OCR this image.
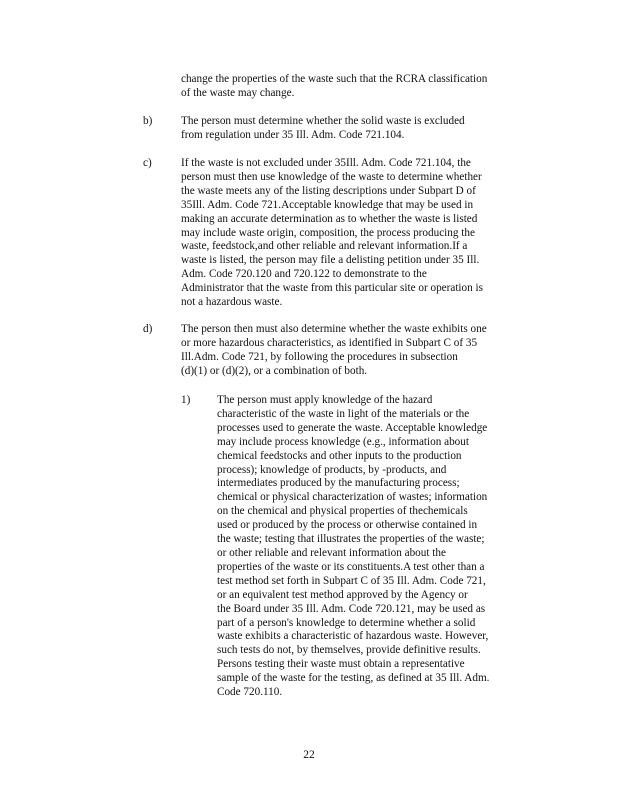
change the properties of the waste such that the RCRA classification
of the waste may change.
b)	The person must determine whether the solid waste is excluded
from regulation under 35 Ill. Adm. Code 721.104.
c)	If the waste is not excluded under 35Ill. Adm. Code 721.104, the
person must then use knowledge of the waste to determine whether
the waste meets any of the listing descriptions under Subpart D of
35Ill. Adm. Code 721.Acceptable knowledge that may be used in
making an accurate determination as to whether the waste is listed
may include waste origin, composition, the process producing the
waste, feedstock,and other reliable and relevant information.If a
waste is listed, the person may file a delisting petition under 35 Ill.
Adm. Code 720.120 and 720.122 to demonstrate to the
Administrator that the waste from this particular site or operation is
not a hazardous waste.
d)	The person then must also determine whether the waste exhibits one
or more hazardous characteristics, as identified in Subpart C of 35
Ill.Adm. Code 721, by following the procedures in subsection
(d)(1) or (d)(2), or a combination of both.
1) The person must apply knowledge of the hazard
characteristic of the waste in light of the materials or the
processes used to generate the waste. Acceptable knowledge
may include process knowledge (e.g., information about
chemical feedstocks and other inputs to the production
process); knowledge of products, by -products, and
intermediates produced by the manufacturing process;
chemical or physical characterization of wastes; information
on the chemical and physical properties of thechemicals
used or produced by the process or otherwise contained in
the waste; testing that illustrates the properties of the waste;
or other reliable and relevant information about the
properties of the waste or its constituents.A test other than a
test method set forth in Subpart C of 35 Ill. Adm. Code 721,
or an equivalent test method approved by the Agency or
the Board under 35 Ill. Adm. Code 720.121, may be used as
part of a person's knowledge to determine whether a solid
waste exhibits a characteristic of hazardous waste. However,
such tests do not, by themselves, provide definitive results.
Persons testing their waste must obtain a representative
sample of the waste for the testing, as defined at 35 Ill. Adm.
Code 720.110.
22
